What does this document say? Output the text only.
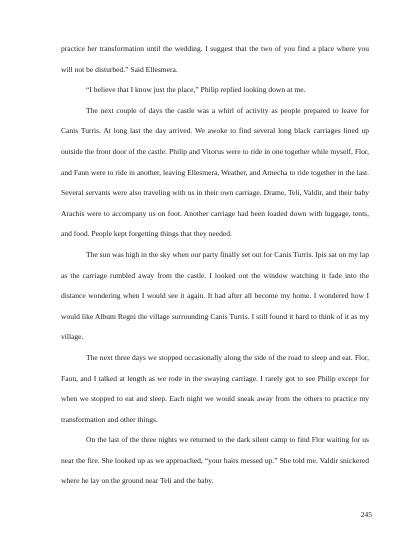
practice her transformation until the wedding. I suggest that the two of you find a place where you will not be disturbed.” Said Ellesmera.

“I believe that I know just the place,” Philip replied looking down at me.

The next couple of days the castle was a whirl of activity as people prepared to leave for Canis Turris. At long last the day arrived. We awoke to find several long black carriages lined up outside the front door of the castle. Philip and Vitorus were to ride in one together while myself, Flor, and Faun were to ride in another, leaving Ellesmera, Weather, and Arnecha to ride together in the last. Several servants were also traveling with us in their own carriage. Drame, Teli, Valdir, and their baby Arachis were to accompany us on foot. Another carriage had been loaded down with luggage, tents, and food. People kept forgetting things that they needed.

The sun was high in the sky when our party finally set out for Canis Turris. Ipis sat on my lap as the carriage rumbled away from the castle. I looked out the window watching it fade into the distance wondering when I would see it again. It had after all become my home. I wondered how I would like Album Regni the village surrounding Canis Turris. I still found it hard to think of it as my village.

The next three days we stopped occasionally along the side of the road to sleep and eat. Flor, Faun, and I talked at length as we rode in the swaying carriage. I rarely got to see Philip except for when we stopped to eat and sleep. Each night we would sneak away from the others to practice my transformation and other things.

On the last of the three nights we returned to the dark silent camp to find Flor waiting for us near the fire. She looked up as we approached, “your hairs messed up.” She told me. Valdir snickered where he lay on the ground near Teli and the baby.

245
